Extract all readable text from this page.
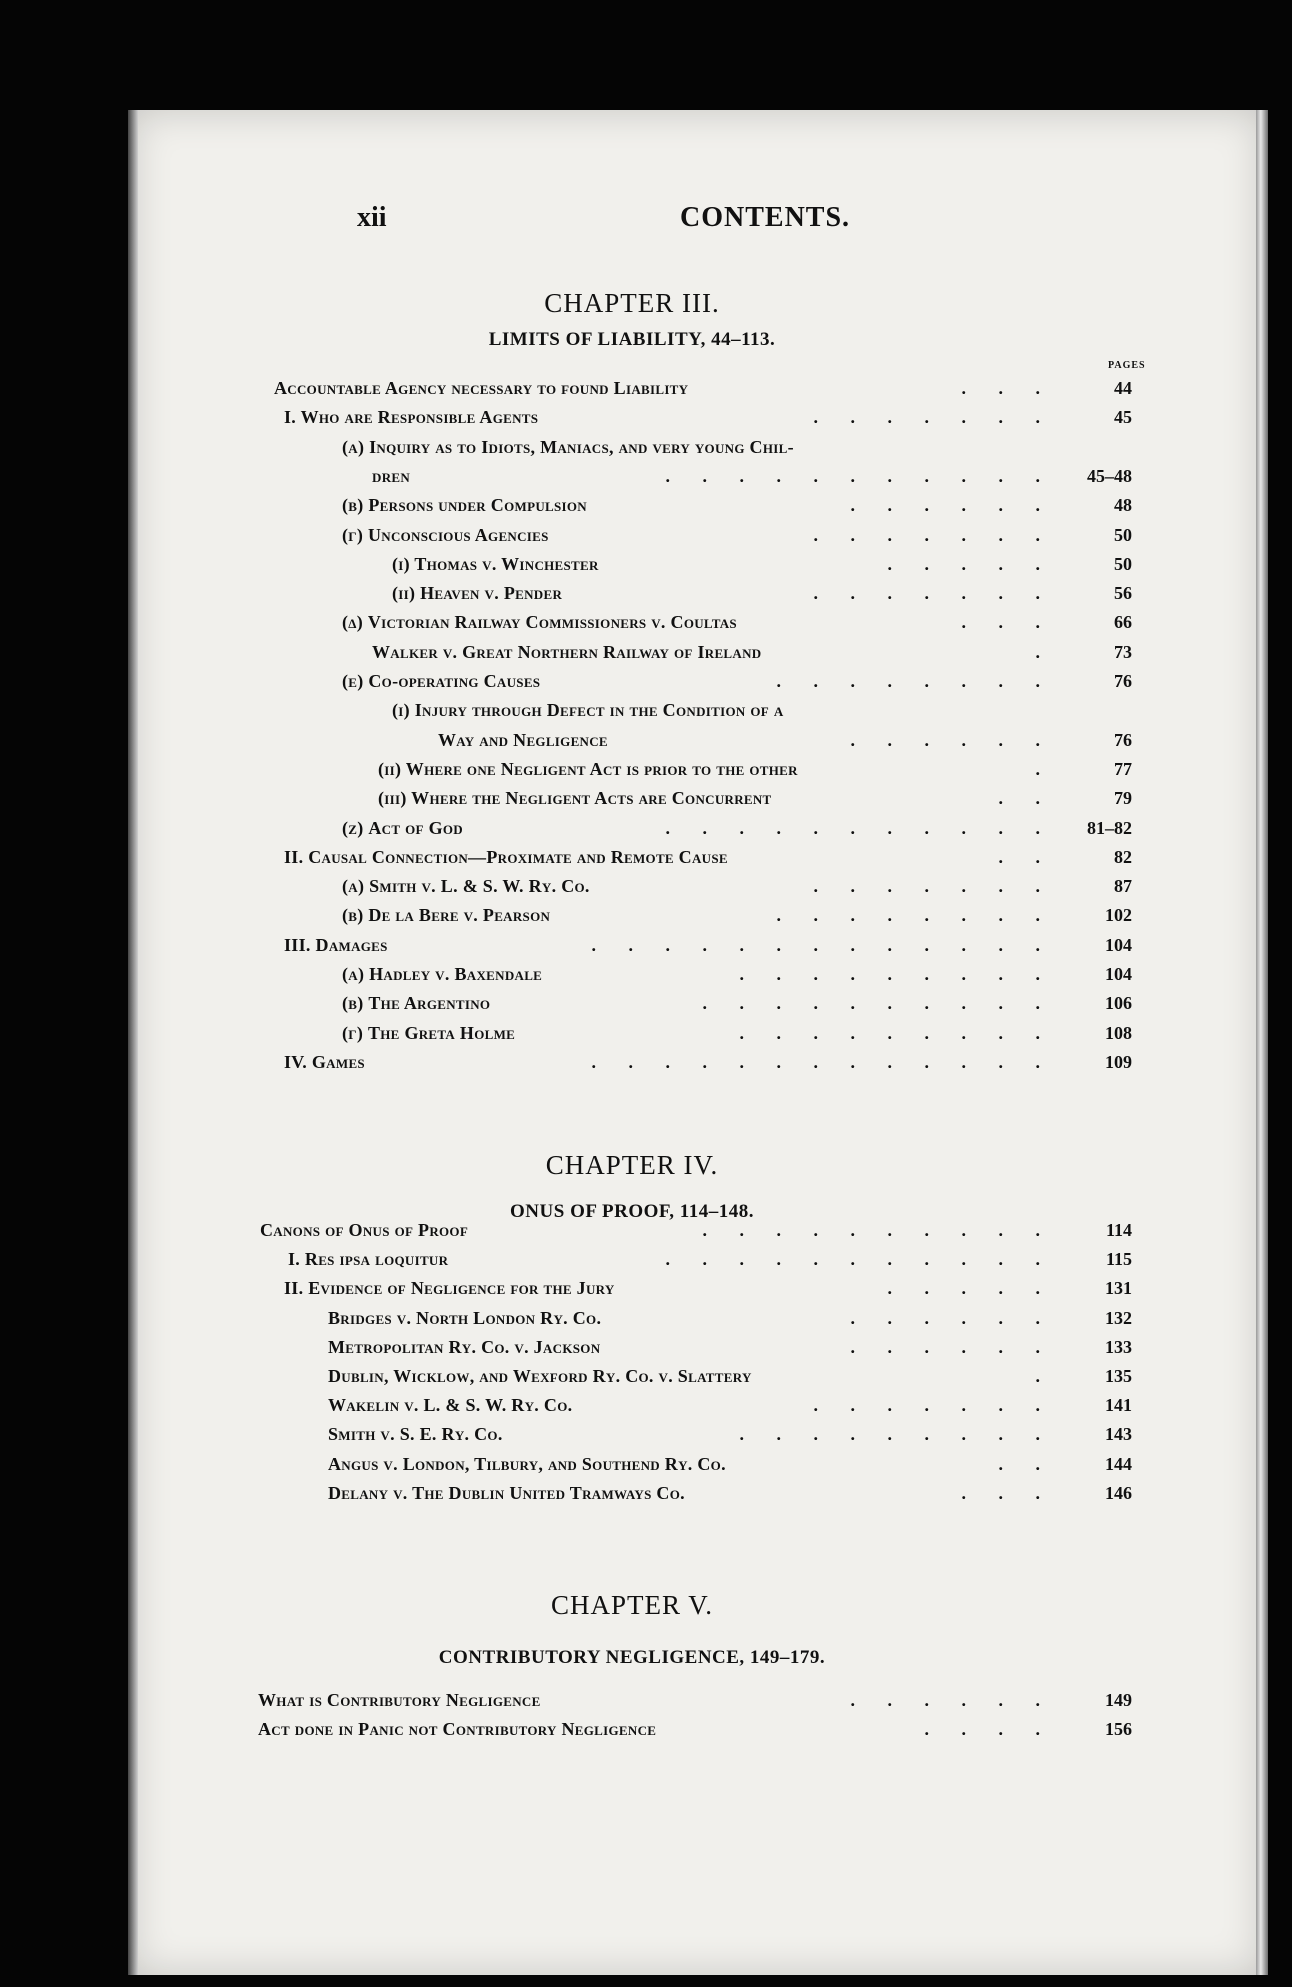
xii	CONTENTS.
CHAPTER III.
LIMITS OF LIABILITY, 44–113.
PAGES
Accountable Agency necessary to found Liability	. . .	44
I. Who are Responsible Agents	. . . . . . .	45
(a) Inquiry as to Idiots, Maniacs, and very young Chil-
dren	. . . . . . . . . . .	45–48
(β) Persons under Compulsion	. . . . . .	48
(γ) Unconscious Agencies	. . . . . . .	50
(i) Thomas v. Winchester	. . . . .	50
(ii) Heaven v. Pender	. . . . . . .	56
(δ) Victorian Railway Commissioners v. Coultas	. . .	66
Walker v. Great Northern Railway of Ireland	.	73
(ε) Co-operating Causes	. . . . . . . .	76
(i) Injury through Defect in the Condition of a
Way and Negligence	. . . . . .	76
(ii) Where one Negligent Act is prior to the other	.	77
(iii) Where the Negligent Acts are Concurrent	. .	79
(ζ) Act of God	. . . . . . . . . . .	81–82
II. Causal Connection—Proximate and Remote Cause	. .	82
(a) Smith v. L. & S. W. Ry. Co.	. . . . . . .	87
(β) De la Bere v. Pearson	. . . . . . . .	102
III. Damages	. . . . . . . . . . . . .	104
(a) Hadley v. Baxendale	. . . . . . . . .	104
(β) The Argentino	. . . . . . . . . .	106
(γ) The Greta Holme	. . . . . . . . .	108
IV. Games	. . . . . . . . . . . . .	109
CHAPTER IV.
ONUS OF PROOF, 114–148.
Canons of Onus of Proof	. . . . . . . . . .	114
I. Res ipsa loquitur	. . . . . . . . . . .	115
II. Evidence of Negligence for the Jury	. . . . .	131
Bridges v. North London Ry. Co.	. . . . . .	132
Metropolitan Ry. Co. v. Jackson	. . . . . .	133
Dublin, Wicklow, and Wexford Ry. Co. v. Slattery	.	135
Wakelin v. L. & S. W. Ry. Co.	. . . . . . .	141
Smith v. S. E. Ry. Co.	. . . . . . . . .	143
Angus v. London, Tilbury, and Southend Ry. Co.	. .	144
Delany v. The Dublin United Tramways Co.	. . .	146
CHAPTER V.
CONTRIBUTORY NEGLIGENCE, 149–179.
What is Contributory Negligence	. . . . . .	149
Act done in Panic not Contributory Negligence	. . . .	156
